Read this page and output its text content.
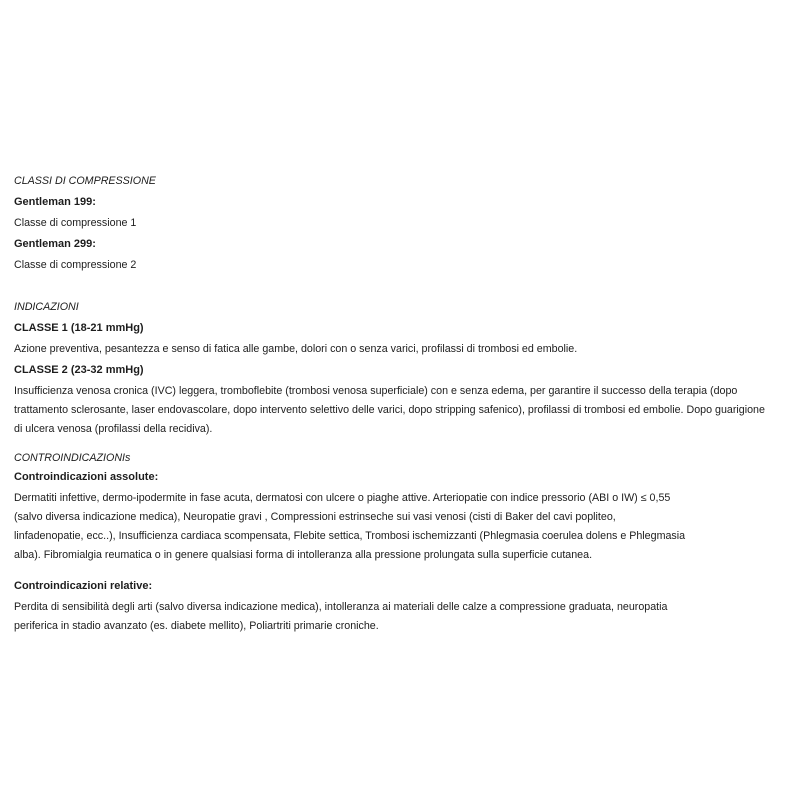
CLASSI DI COMPRESSIONE
Gentleman 199:

Classe di compressione 1

Gentleman 299:

Classe di compressione 2

INDICAZIONI
CLASSE 1 (18-21 mmHg)

Azione preventiva, pesantezza e senso di fatica alle gambe, dolori con o senza varici, profilassi di trombosi ed embolie.

CLASSE 2 (23-32 mmHg)
Insufficienza venosa cronica (IVC) leggera, tromboflebite (trombosi venosa superficiale) con e senza edema, per garantire il successo della terapia (dopo
trattamento sclerosante, laser endovascolare, dopo intervento selettivo delle varici, dopo stripping safenico), profilassi di trombosi ed embolie. Dopo guarigione
di ulcera venosa (profilassi della recidiva).
CONTROINDICAZIONIs
Controindicazioni assolute:
Dermatiti infettive, dermo-ipodermite in fase acuta, dermatosi con ulcere o piaghe attive. Arteriopatie con indice pressorio (ABI o IW) ≤ 0,55
(salvo diversa indicazione medica), Neuropatie gravi , Compressioni estrinseche sui vasi venosi (cisti di Baker del cavi popliteo,
linfadenopatie, ecc..), Insufficienza cardiaca scompensata, Flebite settica, Trombosi ischemizzanti (Phlegmasia coerulea dolens e Phlegmasia
alba). Fibromialgia reumatica o in genere qualsiasi forma di intolleranza alla pressione prolungata sulla superficie cutanea.
Controindicazioni relative:
Perdita di sensibilità degli arti (salvo diversa indicazione medica), intolleranza ai materiali delle calze a compressione graduata, neuropatia
periferica in stadio avanzato (es. diabete mellito), Poliartriti primarie croniche.
